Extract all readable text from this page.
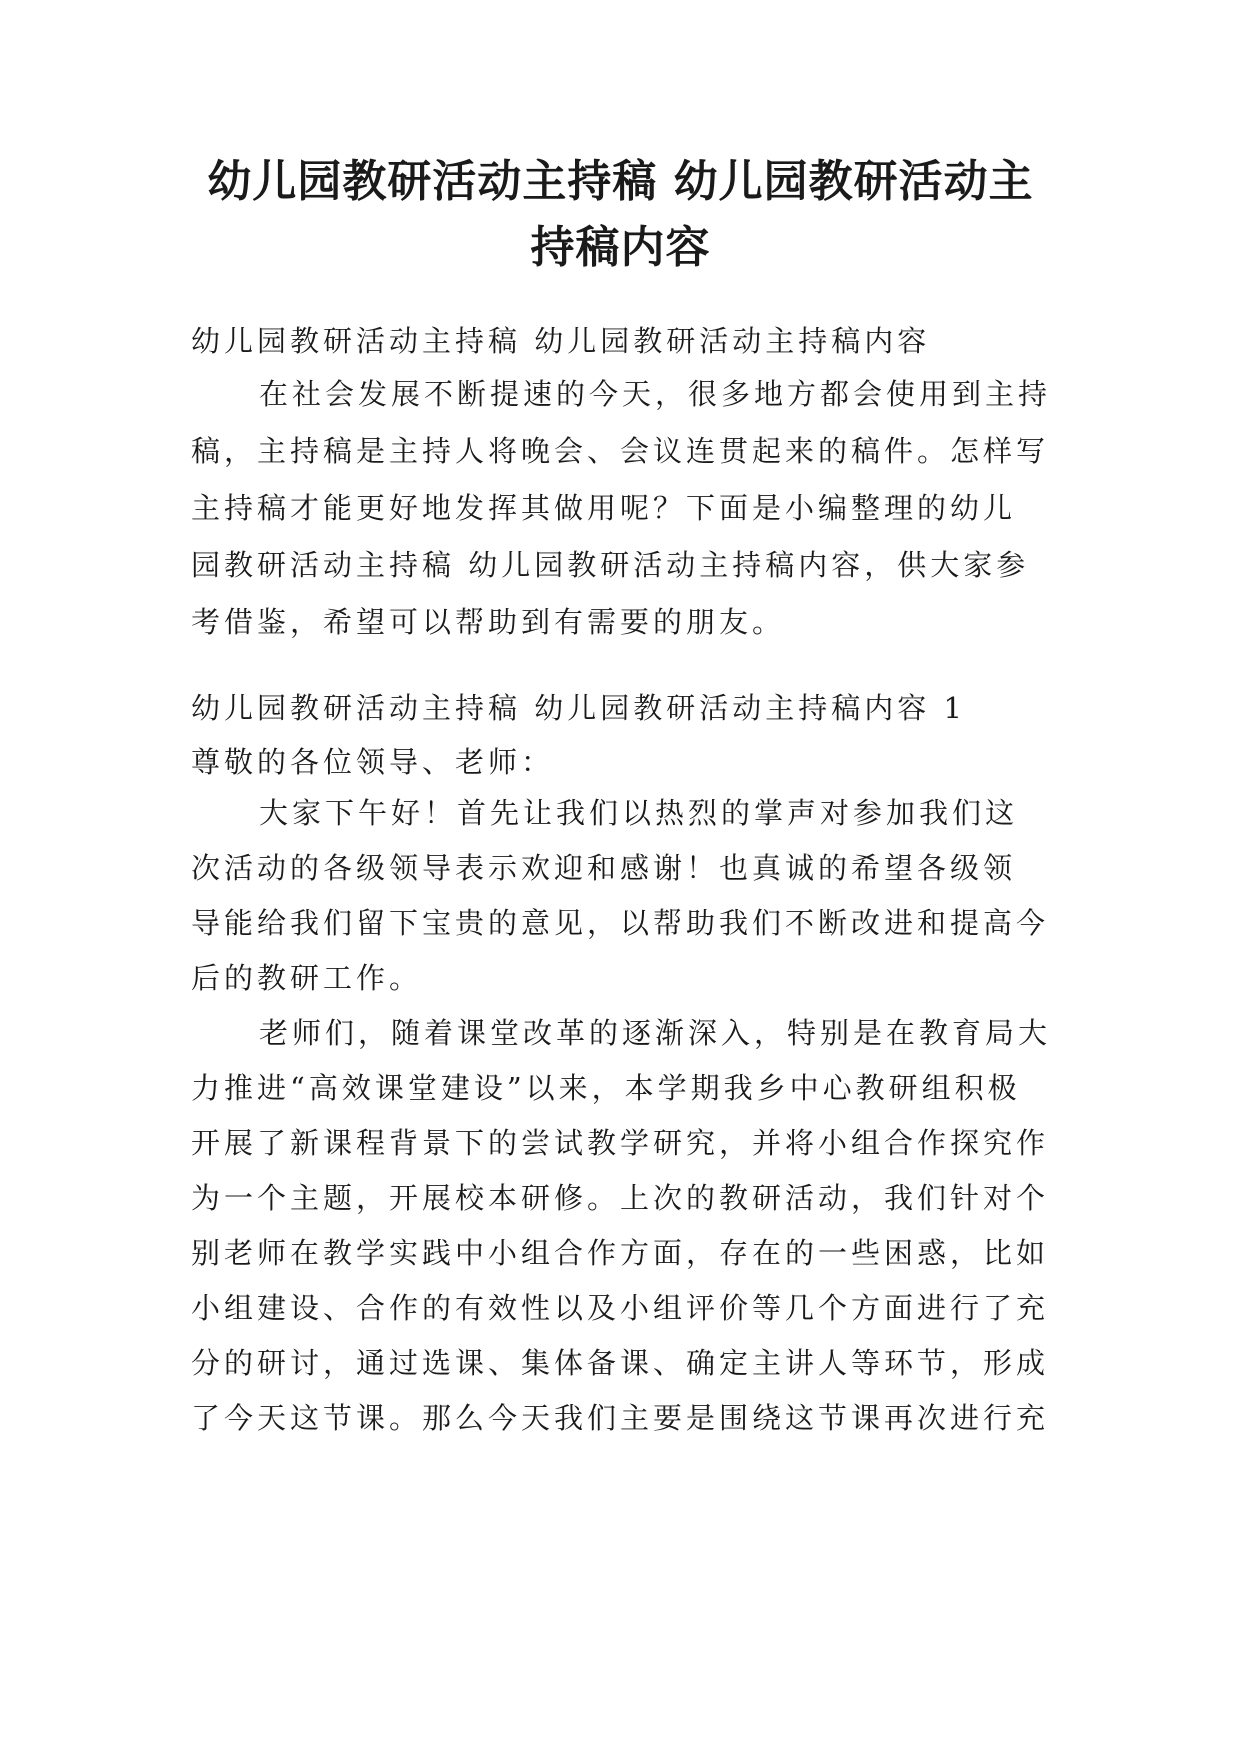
幼儿园教研活动主持稿 幼儿园教研活动主
持稿内容

幼儿园教研活动主持稿 幼儿园教研活动主持稿内容

在社会发展不断提速的今天，很多地方都会使用到主持

稿，主持稿是主持人将晚会、会议连贯起来的稿件。怎样写

主持稿才能更好地发挥其做用呢？下面是小编整理的幼儿

园教研活动主持稿 幼儿园教研活动主持稿内容，供大家参

考借鉴，希望可以帮助到有需要的朋友。

幼儿园教研活动主持稿 幼儿园教研活动主持稿内容 1

尊敬的各位领导、老师：

大家下午好！首先让我们以热烈的掌声对参加我们这

次活动的各级领导表示欢迎和感谢！也真诚的希望各级领

导能给我们留下宝贵的意见，以帮助我们不断改进和提高今

后的教研工作。

老师们，随着课堂改革的逐渐深入，特别是在教育局大

力推进“高效课堂建设”以来，本学期我乡中心教研组积极

开展了新课程背景下的尝试教学研究，并将小组合作探究作

为一个主题，开展校本研修。上次的教研活动，我们针对个

别老师在教学实践中小组合作方面，存在的一些困惑，比如

小组建设、合作的有效性以及小组评价等几个方面进行了充

分的研讨，通过选课、集体备课、确定主讲人等环节，形成

了今天这节课。那么今天我们主要是围绕这节课再次进行充
